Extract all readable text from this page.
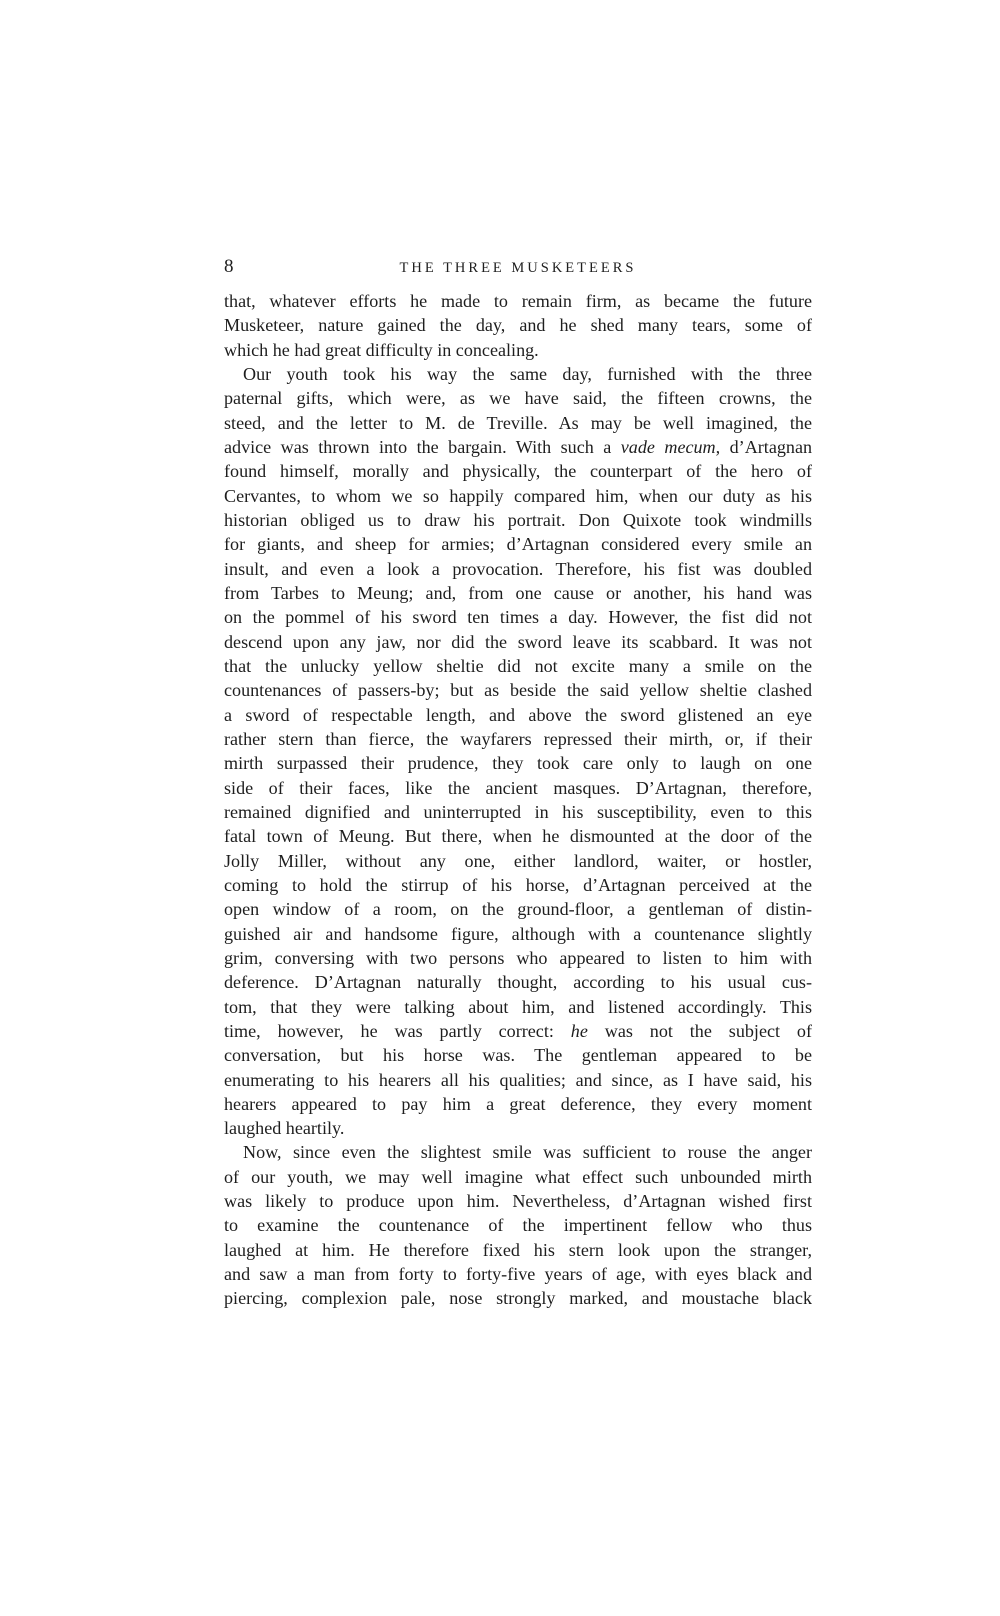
8	THE THREE MUSKETEERS

that, whatever efforts he made to remain firm, as became the future
Musketeer, nature gained the day, and he shed many tears, some of
which he had great difficulty in concealing.

Our youth took his way the same day, furnished with the three
paternal gifts, which were, as we have said, the fifteen crowns, the
steed, and the letter to M. de Treville. As may be well imagined, the
advice was thrown into the bargain. With such a vade mecum, d’Artagnan
found himself, morally and physically, the counterpart of the hero of
Cervantes, to whom we so happily compared him, when our duty as his
historian obliged us to draw his portrait. Don Quixote took windmills
for giants, and sheep for armies; d’Artagnan considered every smile an
insult, and even a look a provocation. Therefore, his fist was doubled
from Tarbes to Meung; and, from one cause or another, his hand was
on the pommel of his sword ten times a day. However, the fist did not
descend upon any jaw, nor did the sword leave its scabbard. It was not
that the unlucky yellow sheltie did not excite many a smile on the
countenances of passers-by; but as beside the said yellow sheltie clashed
a sword of respectable length, and above the sword glistened an eye
rather stern than fierce, the wayfarers repressed their mirth, or, if their
mirth surpassed their prudence, they took care only to laugh on one
side of their faces, like the ancient masques. D’Artagnan, therefore,
remained dignified and uninterrupted in his susceptibility, even to this
fatal town of Meung. But there, when he dismounted at the door of the
Jolly Miller, without any one, either landlord, waiter, or hostler,
coming to hold the stirrup of his horse, d’Artagnan perceived at the
open window of a room, on the ground-floor, a gentleman of distin-
guished air and handsome figure, although with a countenance slightly
grim, conversing with two persons who appeared to listen to him with
deference. D’Artagnan naturally thought, according to his usual cus-
tom, that they were talking about him, and listened accordingly. This
time, however, he was partly correct: he was not the subject of
conversation, but his horse was. The gentleman appeared to be
enumerating to his hearers all his qualities; and since, as I have said, his
hearers appeared to pay him a great deference, they every moment
laughed heartily.

Now, since even the slightest smile was sufficient to rouse the anger
of our youth, we may well imagine what effect such unbounded mirth
was likely to produce upon him. Nevertheless, d’Artagnan wished first
to examine the countenance of the impertinent fellow who thus
laughed at him. He therefore fixed his stern look upon the stranger,
and saw a man from forty to forty-five years of age, with eyes black and
piercing, complexion pale, nose strongly marked, and moustache black
